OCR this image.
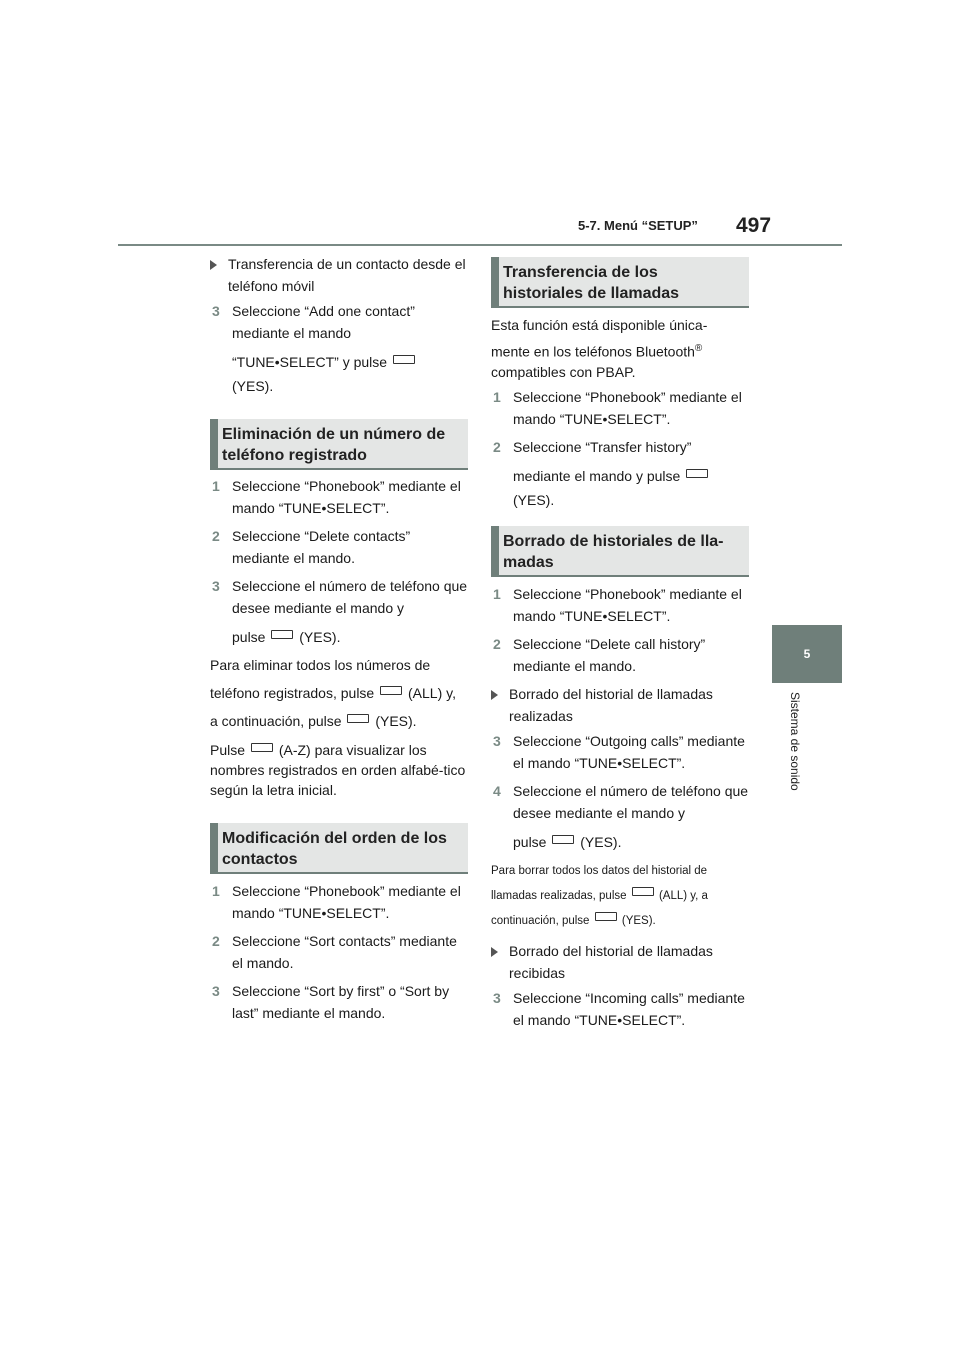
5-7. Menú “SETUP” 497
5
Sistema de sonido
Transferencia de un contacto desde el teléfono móvil
3 Seleccione “Add one contact” mediante el mando
“TUNE•SELECT” y pulse
(YES).
Eliminación de un número de teléfono registrado
1 Seleccione “Phonebook” mediante el mando “TUNE•SELECT”.
2 Seleccione “Delete contacts” mediante el mando.
3 Seleccione el número de teléfono que desee mediante el mando y
pulse (YES).
Para eliminar todos los números de
teléfono registrados, pulse (ALL) y,
a continuación, pulse (YES).
Pulse (A-Z) para visualizar los
nombres registrados en orden alfabé-tico según la letra inicial.
Modificación del orden de los contactos
1 Seleccione “Phonebook” mediante el mando “TUNE•SELECT”.
2 Seleccione “Sort contacts” mediante el mando.
3 Seleccione “Sort by first” o “Sort by last” mediante el mando.
Transferencia de los historiales de llamadas
Esta función está disponible única-
mente en los teléfonos Bluetooth®
compatibles con PBAP.
1 Seleccione “Phonebook” mediante el mando “TUNE•SELECT”.
2 Seleccione “Transfer history”
mediante el mando y pulse
(YES).
Borrado de historiales de lla-madas
1 Seleccione “Phonebook” mediante el mando “TUNE•SELECT”.
2 Seleccione “Delete call history” mediante el mando.
Borrado del historial de llamadas realizadas
3 Seleccione “Outgoing calls” mediante el mando “TUNE•SELECT”.
4 Seleccione el número de teléfono que desee mediante el mando y
pulse (YES).
Para borrar todos los datos del historial de
llamadas realizadas, pulse	(ALL) y, a
continuación, pulse	(YES).
Borrado del historial de llamadas recibidas
3 Seleccione “Incoming calls” mediante el mando “TUNE•SELECT”.
